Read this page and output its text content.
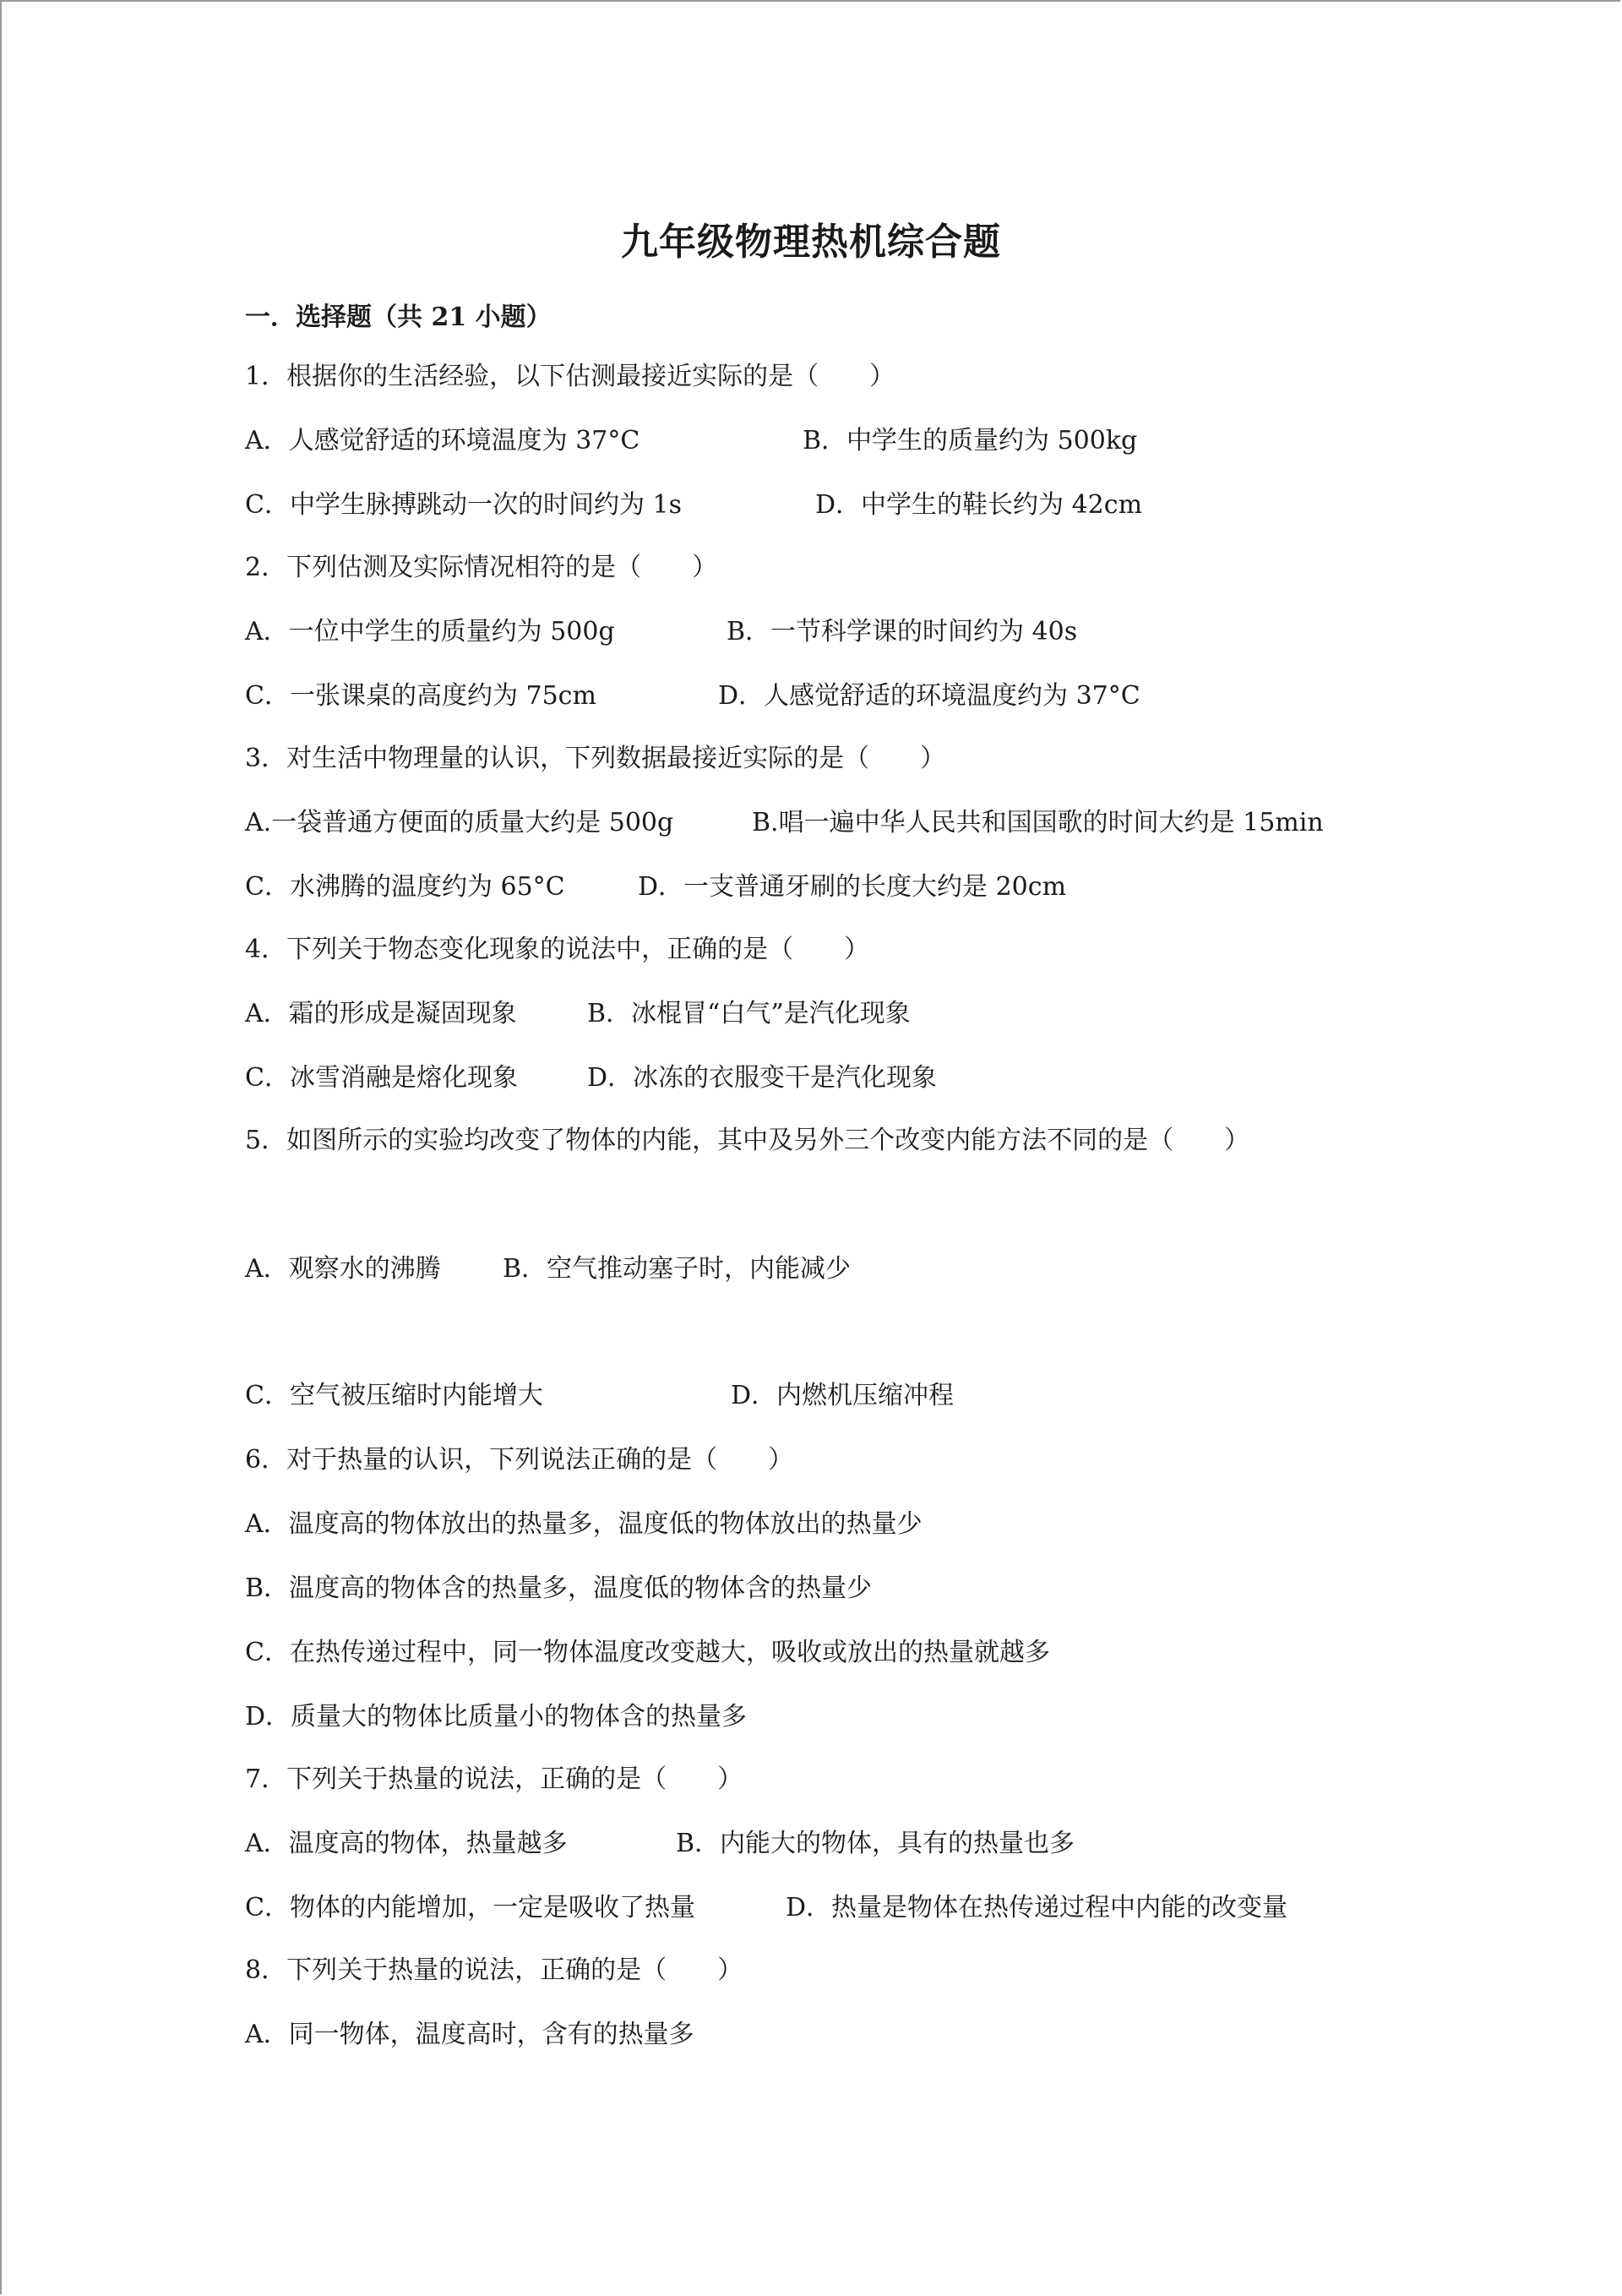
九年级物理热机综合题
一．选择题（共 21 小题）
1．根据你的生活经验，以下估测最接近实际的是（　　）
A．人感觉舒适的环境温度为 37°C	B．中学生的质量约为 500kg
C．中学生脉搏跳动一次的时间约为 1s	D．中学生的鞋长约为 42cm
2．下列估测及实际情况相符的是（　　）
A．一位中学生的质量约为 500g	B．一节科学课的时间约为 40s
C．一张课桌的高度约为 75cm	D．人感觉舒适的环境温度约为 37°C
3．对生活中物理量的认识，下列数据最接近实际的是（　　）
A.一袋普通方便面的质量大约是 500g	B.唱一遍中华人民共和国国歌的时间大约是 15min
C．水沸腾的温度约为 65°C	D．一支普通牙刷的长度大约是 20cm
4．下列关于物态变化现象的说法中，正确的是（　　）
A．霜的形成是凝固现象	B．冰棍冒“白气”是汽化现象
C．冰雪消融是熔化现象	D．冰冻的衣服变干是汽化现象
5．如图所示的实验均改变了物体的内能，其中及另外三个改变内能方法不同的是（　　）
A．观察水的沸腾 B．空气推动塞子时，内能减少
C．空气被压缩时内能增大	D．内燃机压缩冲程
6．对于热量的认识，下列说法正确的是（　　）
A．温度高的物体放出的热量多，温度低的物体放出的热量少
B．温度高的物体含的热量多，温度低的物体含的热量少
C．在热传递过程中，同一物体温度改变越大，吸收或放出的热量就越多
D．质量大的物体比质量小的物体含的热量多
7．下列关于热量的说法，正确的是（　　）
A．温度高的物体，热量越多	B．内能大的物体，具有的热量也多
C．物体的内能增加，一定是吸收了热量	D．热量是物体在热传递过程中内能的改变量
8．下列关于热量的说法，正确的是（　　）
A．同一物体，温度高时，含有的热量多
